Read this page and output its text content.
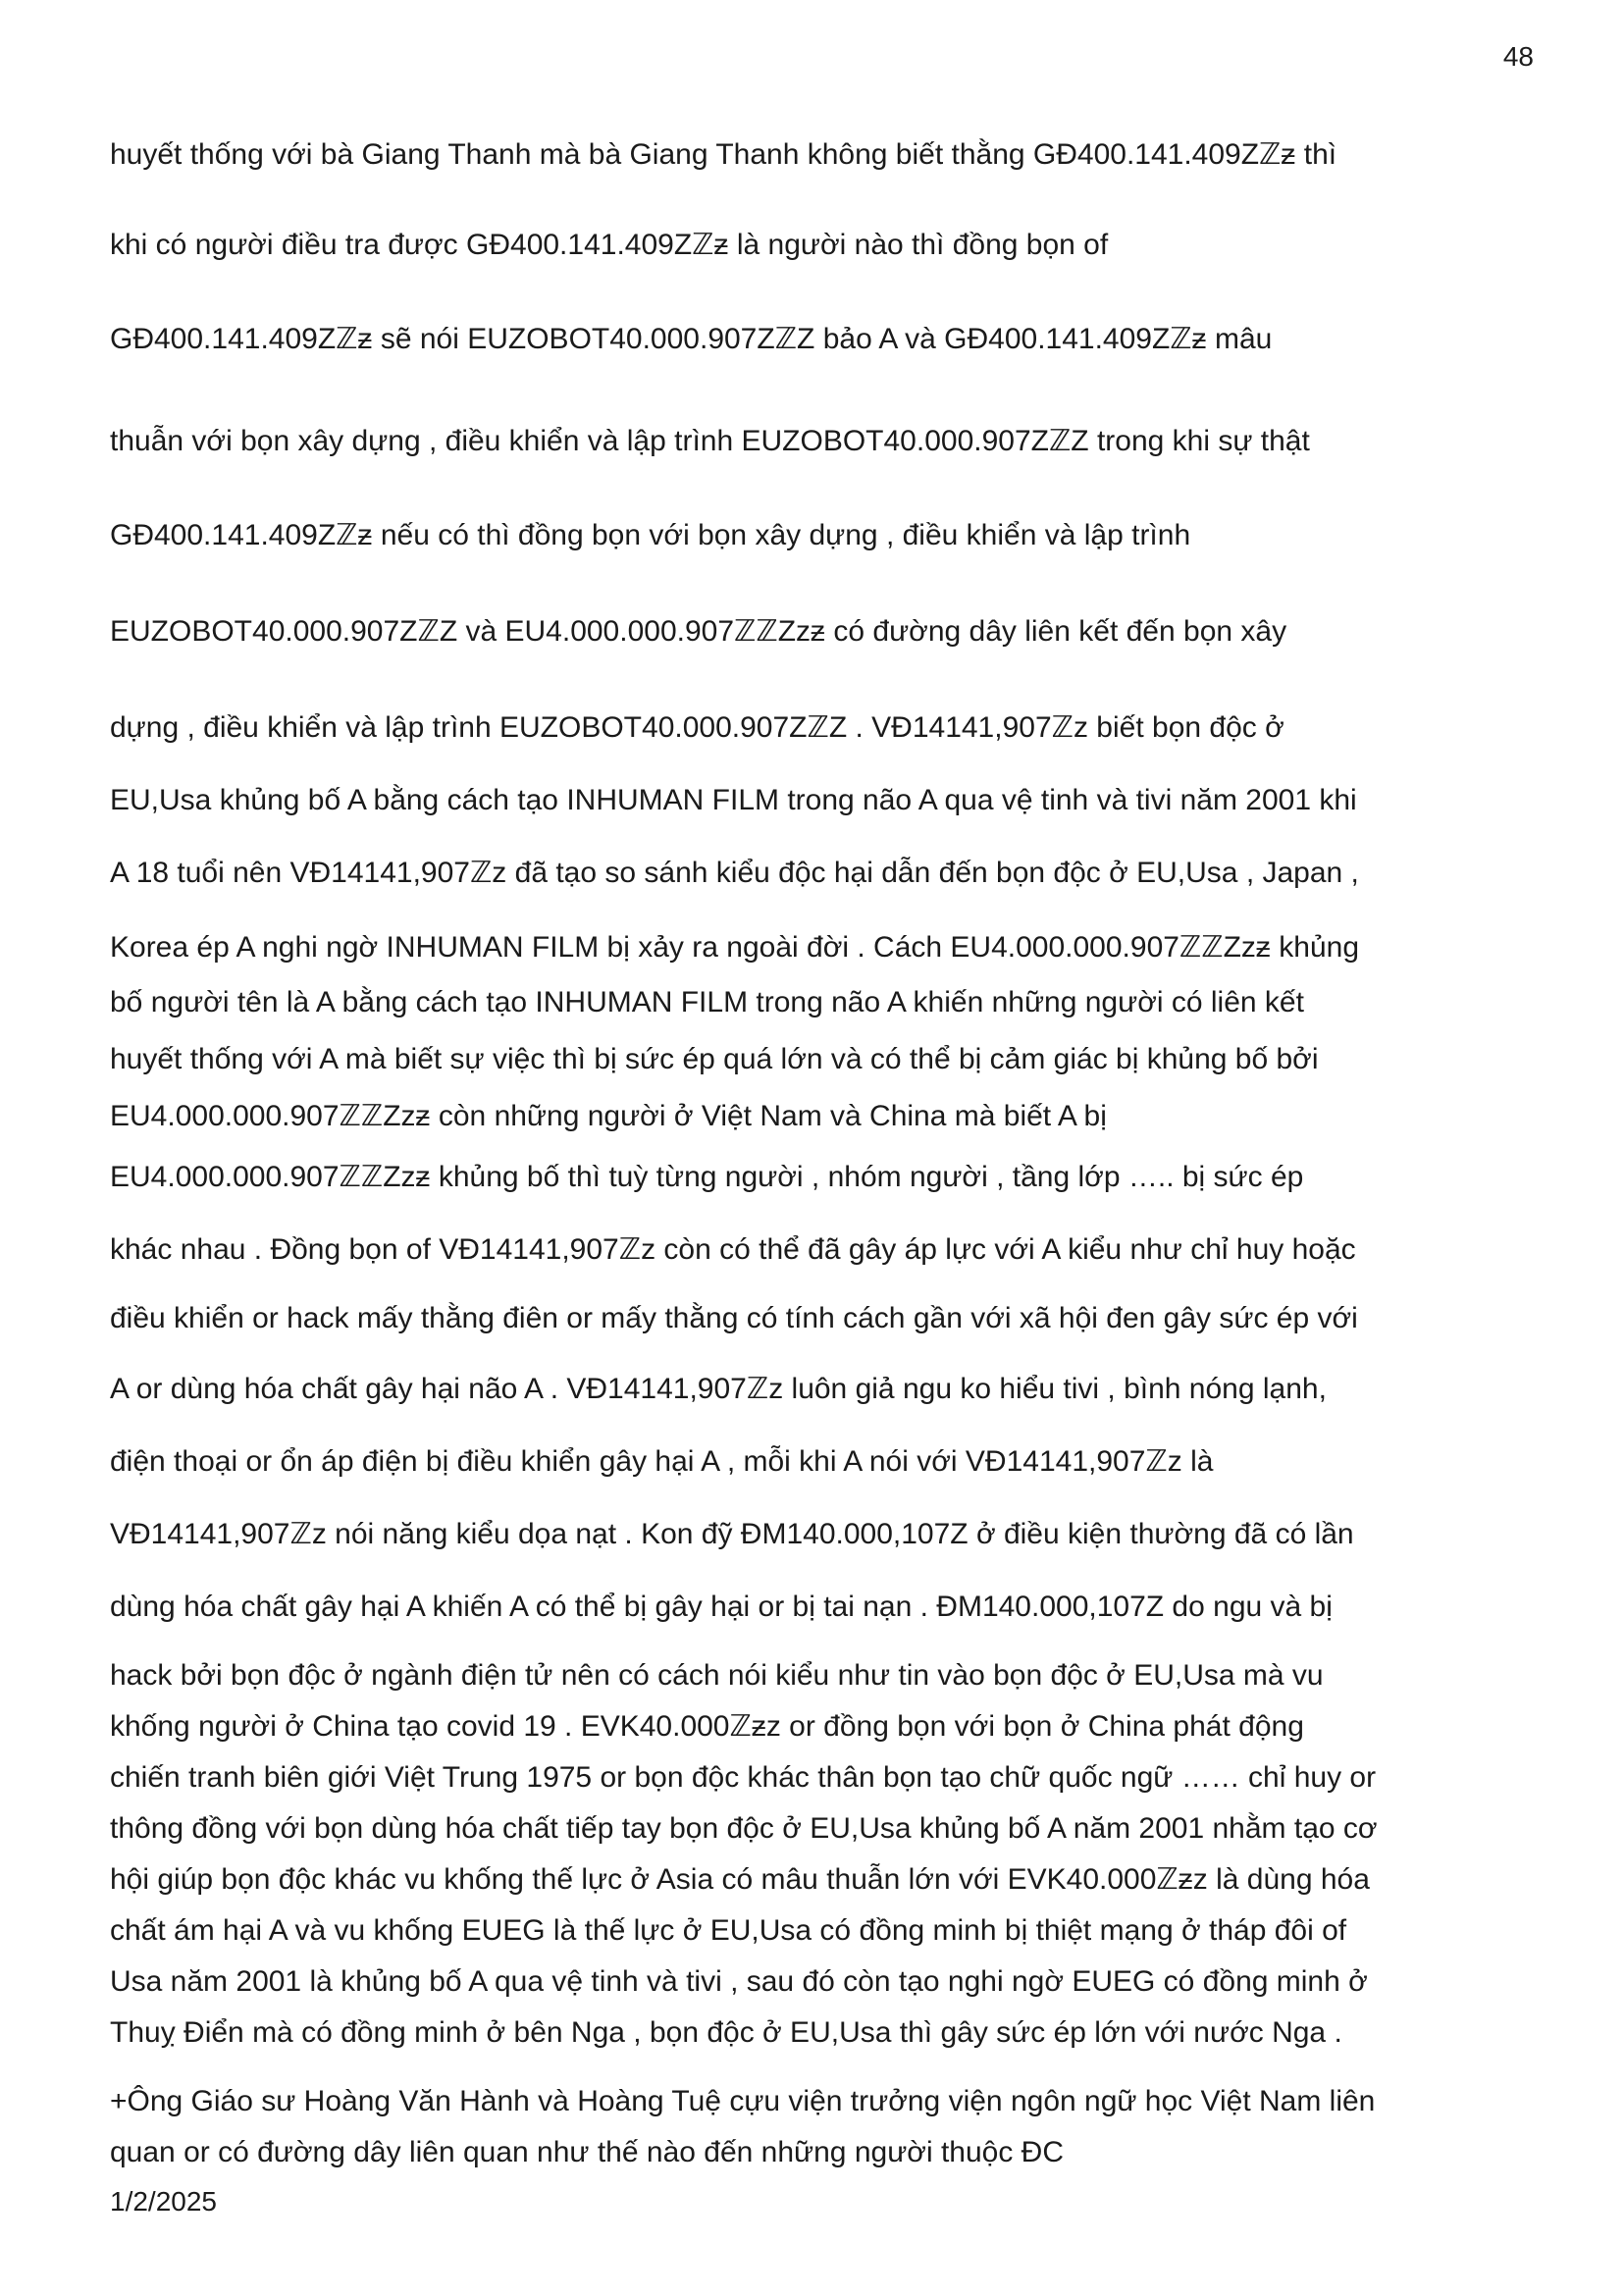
48
huyết thống với bà Giang Thanh mà bà Giang Thanh không biết thằng GĐ400.141.409Zℤƶ thì
khi có người điều tra được GĐ400.141.409Zℤƶ là người nào thì đồng bọn of
GĐ400.141.409Zℤƶ sẽ nói EUZOBOT40.000.907ZℤZ bảo A và GĐ400.141.409Zℤƶ mâu
thuẫn với bọn xây dựng , điều khiển và lập trình EUZOBOT40.000.907ZℤZ trong khi sự thật
GĐ400.141.409Zℤƶ nếu có thì đồng bọn với bọn xây dựng , điều khiển và lập trình
EUZOBOT40.000.907ZℤZ và EU4.000.000.907ℤℤZzƶ có đường dây liên kết đến bọn xây
dựng , điều khiển và lập trình EUZOBOT40.000.907ZℤZ . VĐ14141,907ℤz biết bọn độc ở
EU,Usa khủng bố A bằng cách tạo INHUMAN FILM trong não A qua vệ tinh và tivi năm 2001 khi
A 18 tuổi nên VĐ14141,907ℤz đã tạo so sánh kiểu độc hại dẫn đến bọn độc ở EU,Usa , Japan ,
Korea ép A nghi ngờ INHUMAN FILM bị xảy ra ngoài đời . Cách EU4.000.000.907ℤℤZzƶ khủng
bố người tên là A bằng cách tạo INHUMAN FILM trong não A khiến những người có liên kết
huyết thống với A mà biết sự việc thì bị sức ép quá lớn và có thể bị cảm giác bị khủng bố bởi
EU4.000.000.907ℤℤZzƶ còn những người ở Việt Nam và China mà biết A bị
EU4.000.000.907ℤℤZzƶ khủng bố thì tuỳ từng người , nhóm người , tầng lớp ….. bị sức ép
khác nhau . Đồng bọn of VĐ14141,907ℤz còn có thể đã gây áp lực với A kiểu như chỉ huy hoặc
điều khiển or hack mấy thằng điên or mấy thằng có tính cách gần với xã hội đen gây sức ép với
A or dùng hóa chất gây hại não A . VĐ14141,907ℤz luôn giả ngu ko hiểu tivi , bình nóng lạnh,
điện thoại or ổn áp điện bị điều khiển gây hại A , mỗi khi A nói với VĐ14141,907ℤz là
VĐ14141,907ℤz nói năng kiểu dọa nạt . Kon đỹ ĐM140.000,107Z ở điều kiện thường đã có lần
dùng hóa chất gây hại A khiến A có thể bị gây hại or bị tai nạn . ĐM140.000,107Z do ngu và bị
hack bởi bọn độc ở ngành điện tử nên có cách nói kiểu như tin vào bọn độc ở EU,Usa mà vu
khống người ở China tạo covid 19 . EVK40.000ℤƶz or đồng bọn với bọn ở China phát động
chiến tranh biên giới Việt Trung 1975 or bọn độc khác thân bọn tạo chữ quốc ngữ …… chỉ huy or
thông đồng với bọn dùng hóa chất tiếp tay bọn độc ở EU,Usa khủng bố A năm 2001 nhằm tạo cơ
hội giúp bọn độc khác vu khống thế lực ở Asia có mâu thuẫn lớn với EVK40.000ℤƶz là dùng hóa
chất ám hại A và vu khống EUEG là thế lực ở EU,Usa có đồng minh bị thiệt mạng ở tháp đôi of
Usa năm 2001 là khủng bố A qua vệ tinh và tivi , sau đó còn tạo nghi ngờ EUEG có đồng minh ở
Thuỵ Điển mà có đồng minh ở bên Nga , bọn độc ở EU,Usa thì gây sức ép lớn với nước Nga .
+Ông Giáo sư Hoàng Văn Hành và Hoàng Tuệ cựu viện trưởng viện ngôn ngữ học Việt Nam liên
quan or có đường dây liên quan như thế nào đến những người thuộc ĐC
1/2/2025
